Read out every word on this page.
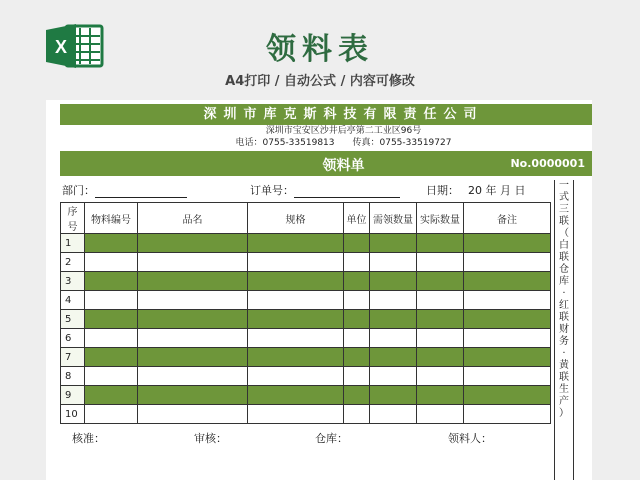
X	领料表
A4打印 / 自动公式 / 内容可修改
深圳市库克斯科技有限责任公司
深圳市宝安区沙井后亭第二工业区96号
电话：0755-33519813　　传真：0755-33519727
领料单	No.0000001
部门：	订单号：	日期： 20 年 月 日
序号	物料编号	品名	规格	单位	需领数量	实际数量	备注
1							
2							
3							
4							
5							
6							
7							
8							
9							
10							
一
式
三
联
（
白
联
仓
库
·
红
联
财
务
·
黄
联
生
产
）
核准：	审核：	仓库：	领料人：
